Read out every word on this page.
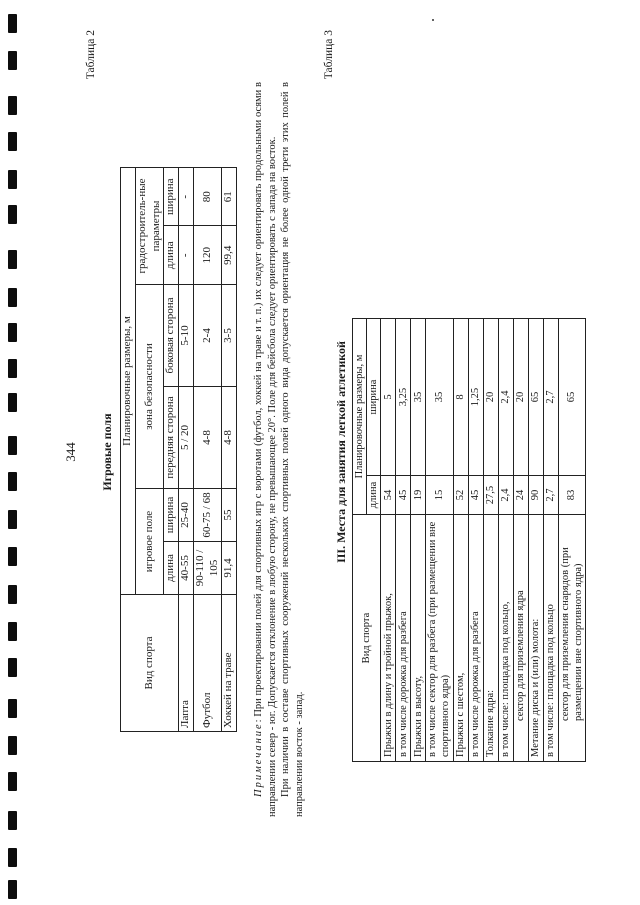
344
Таблица 2	Таблица 3
Игровые поля
Вид спорта	Планировочные размеры, м					
	игровое поле		зона безопасности		градостроитель-ные параметры	
	длина	ширина	передняя сторона	боковая сторона	длина	ширина
Лапта	40-55	25-40	5 / 20	5-10	-	-
Футбол	90-110 / 105	60-75 / 68	4-8	2-4	120	80
Хоккей на траве	91,4	55	4-8	3-5	99,4	61

Примечание: При проектировании полей для спортивных игр с воротами (футбол, хоккей на траве и т. п.) их следует ориентировать продольными осями в направлении север - юг. Допускается отклонение в любую сторону, не превышающее 20°. Поле для бейсбола следует ориентировать с запада на восток. При наличии в составе спортивных сооружений нескольких спортивных полей одного вида допускается ориентация не более одной трети этих полей в направлении восток - запад.

III. Места для занятия легкой атлетикой
Вид спорта	Планировочные размеры, м	
	длина	ширина
Прыжки в длину и тройной прыжок,	54	5
в том числе дорожка для разбега	45	3,25
Прыжки в высоту,	19	35
в том числе сектор для разбега (при размещении вне спортивного ядра)	15	35
Прыжки с шестом,	52	8
в том числе дорожка для разбега	45	1,25
Толкание ядра:	27,5	20
в том числе: площадка под кольцо,	2,4	2,4
сектор для приземления ядра	24	20
Метание диска и (или) молота:	90	65
в том числе: площадка под кольцо	2,7	2,7
сектор для приземления снарядов (при размещении вне спортивного ядра)	83	65
